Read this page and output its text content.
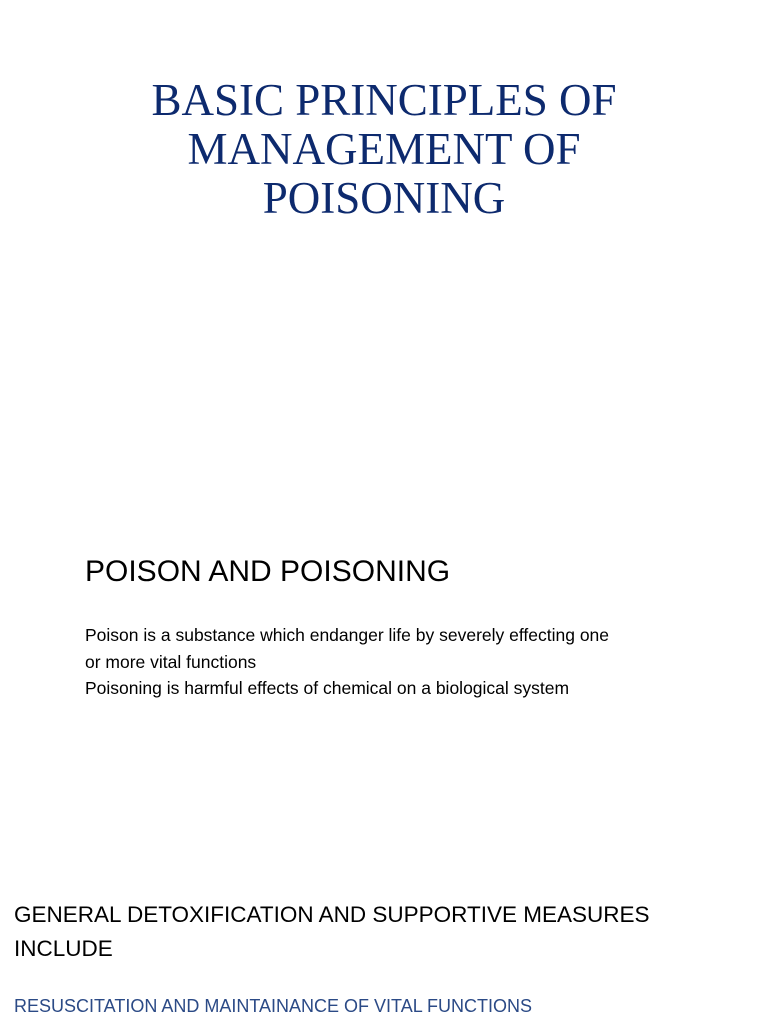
BASIC PRINCIPLES OF
MANAGEMENT OF
POISONING
POISON AND POISONING

Poison is a substance which endanger life by severely effecting one

or more vital functions

Poisoning is harmful effects of chemical on a biological system

GENERAL DETOXIFICATION AND SUPPORTIVE MEASURES
INCLUDE

RESUSCITATION AND MAINTAINANCE OF VITAL FUNCTIONS
